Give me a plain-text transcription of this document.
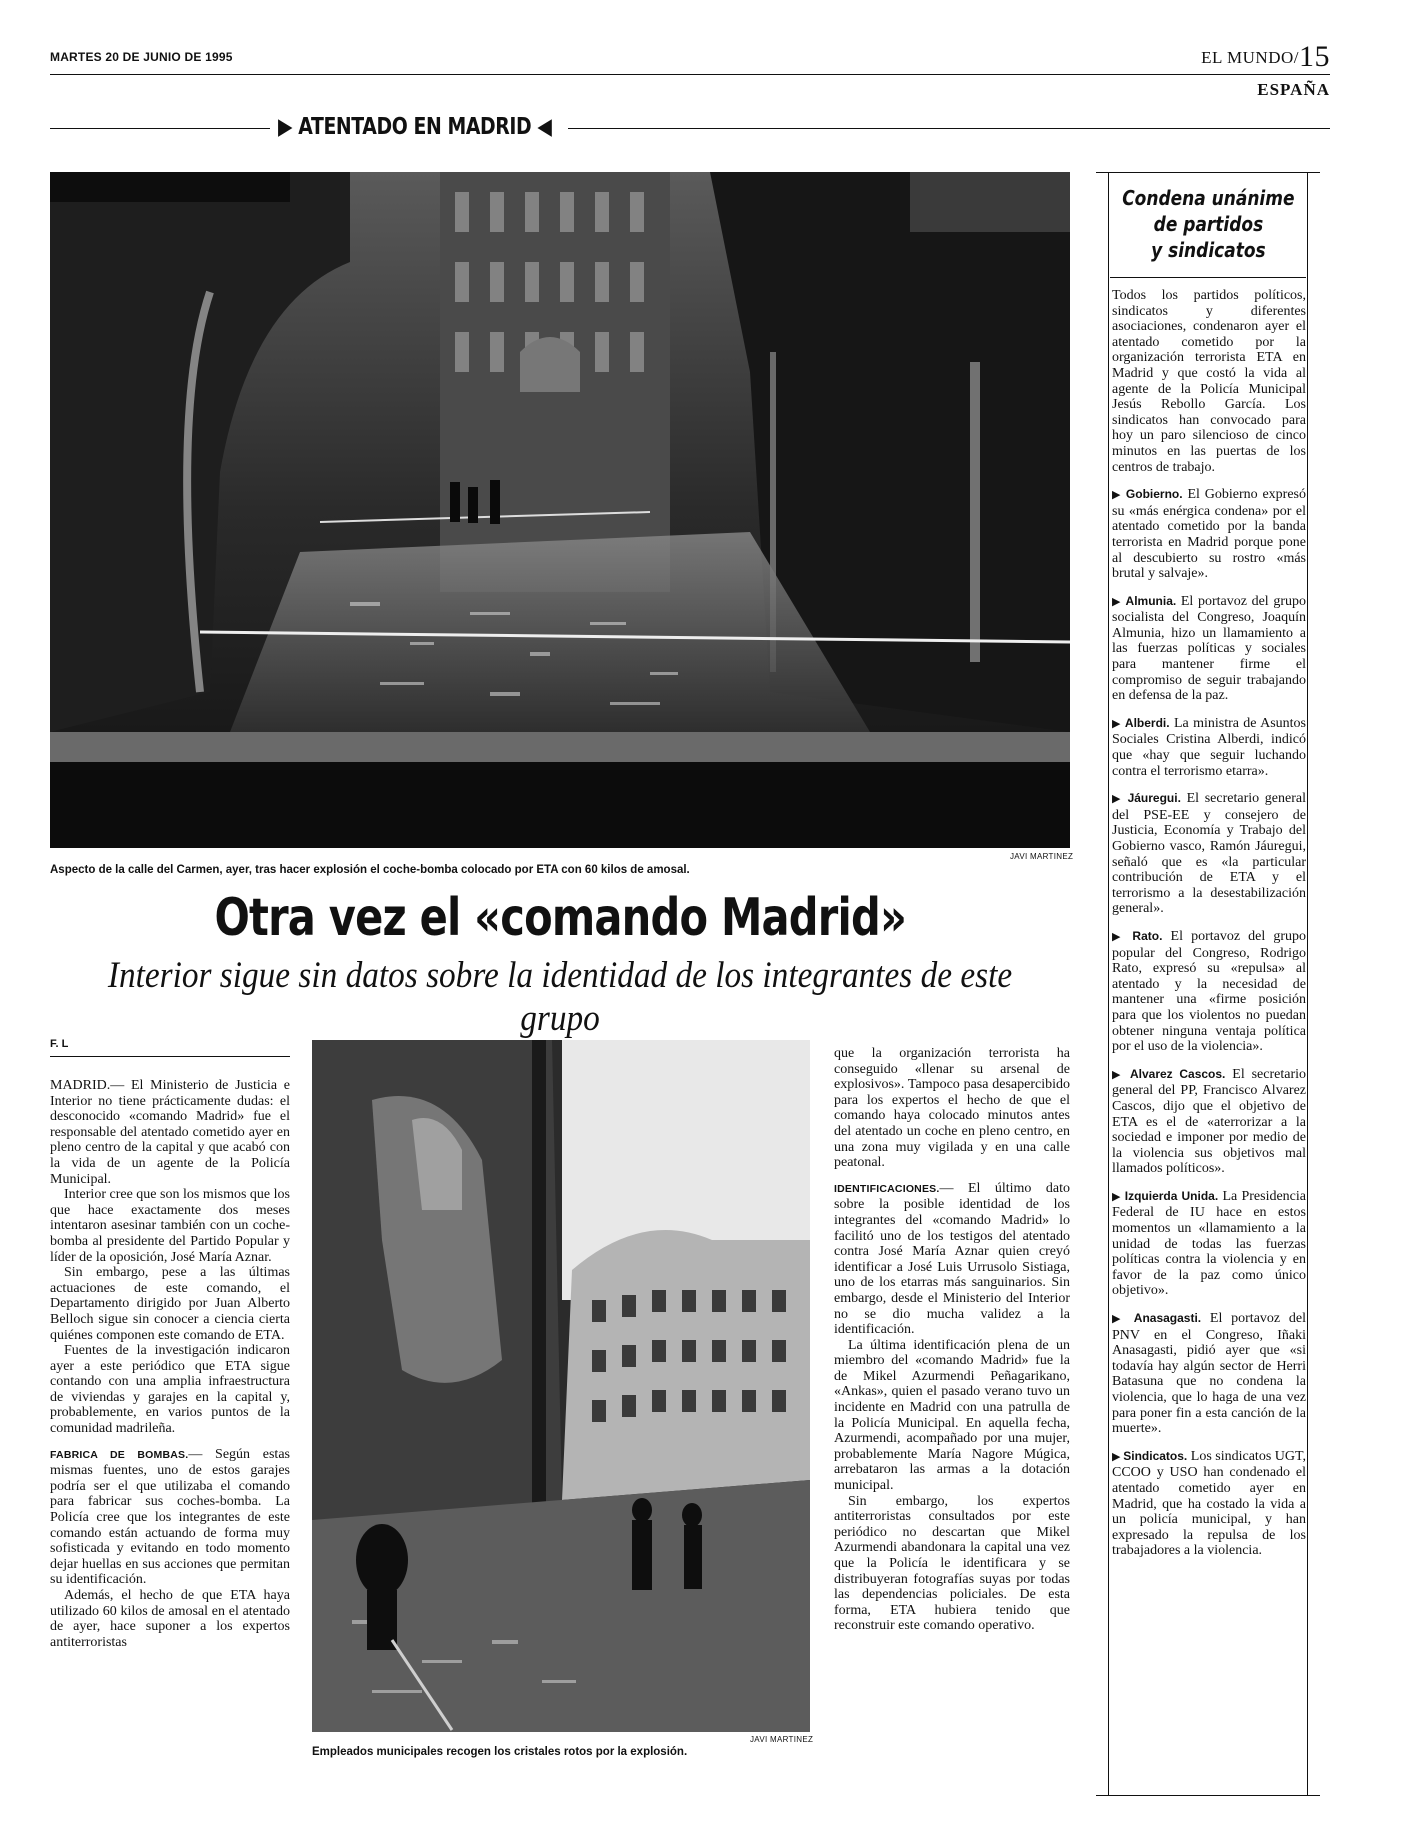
MARTES 20 DE JUNIO DE 1995	EL MUNDO/15
ESPAÑA
▶ ATENTADO EN MADRID ◀
JAVI MARTINEZ
Aspecto de la calle del Carmen, ayer, tras hacer explosión el coche-bomba colocado por ETA con 60 kilos de amosal.
Otra vez el «comando Madrid»
Interior sigue sin datos sobre la identidad de los integrantes de este grupo
F. L

MADRID.— El Ministerio de Justicia e Interior no tiene prácticamente dudas: el desconocido «comando Madrid» fue el responsable del atentado cometido ayer en pleno centro de la capital y que acabó con la vida de un agente de la Policía Municipal.

Interior cree que son los mismos que los que hace exactamente dos meses intentaron asesinar también con un coche-bomba al presidente del Partido Popular y líder de la oposición, José María Aznar.

Sin embargo, pese a las últimas actuaciones de este comando, el Departamento dirigido por Juan Alberto Belloch sigue sin conocer a ciencia cierta quiénes componen este comando de ETA.

Fuentes de la investigación indicaron ayer a este periódico que ETA sigue contando con una amplia infraestructura de viviendas y garajes en la capital y, probablemente, en varios puntos de la comunidad madrileña.

FABRICA DE BOMBAS.— Según estas mismas fuentes, uno de estos garajes podría ser el que utilizaba el comando para fabricar sus coches-bomba. La Policía cree que los integrantes de este comando están actuando de forma muy sofisticada y evitando en todo momento dejar huellas en sus acciones que permitan su identificación.

Además, el hecho de que ETA haya utilizado 60 kilos de amosal en el atentado de ayer, hace suponer a los expertos antiterroristas

JAVI MARTINEZ
Empleados municipales recogen los cristales rotos por la explosión.

que la organización terrorista ha conseguido «llenar su arsenal de explosivos». Tampoco pasa desapercibido para los expertos el hecho de que el comando haya colocado minutos antes del atentado un coche en pleno centro, en una zona muy vigilada y en una calle peatonal.

IDENTIFICACIONES.— El último dato sobre la posible identidad de los integrantes del «comando Madrid» lo facilitó uno de los testigos del atentado contra José María Aznar quien creyó identificar a José Luis Urrusolo Sistiaga, uno de los etarras más sanguinarios. Sin embargo, desde el Ministerio del Interior no se dio mucha validez a la identificación.

La última identificación plena de un miembro del «comando Madrid» fue la de Mikel Azurmendi Peñagarikano, «Ankas», quien el pasado verano tuvo un incidente en Madrid con una patrulla de la Policía Municipal. En aquella fecha, Azurmendi, acompañado por una mujer, probablemente María Nagore Múgica, arrebataron las armas a la dotación municipal.

Sin embargo, los expertos antiterroristas consultados por este periódico no descartan que Mikel Azurmendi abandonara la capital una vez que la Policía le identificara y se distribuyeran fotografías suyas por todas las dependencias policiales. De esta forma, ETA hubiera tenido que reconstruir este comando operativo.

Condena unánime
de partidos
y sindicatos

Todos los partidos políticos, sindicatos y diferentes asociaciones, condenaron ayer el atentado cometido por la organización terrorista ETA en Madrid y que costó la vida al agente de la Policía Municipal Jesús Rebollo García. Los sindicatos han convocado para hoy un paro silencioso de cinco minutos en las puertas de los centros de trabajo.

▶ Gobierno. El Gobierno expresó su «más enérgica condena» por el atentado cometido por la banda terrorista en Madrid porque pone al descubierto su rostro «más brutal y salvaje».

▶ Almunia. El portavoz del grupo socialista del Congreso, Joaquín Almunia, hizo un llamamiento a las fuerzas políticas y sociales para mantener firme el compromiso de seguir trabajando en defensa de la paz.

▶ Alberdi. La ministra de Asuntos Sociales Cristina Alberdi, indicó que «hay que seguir luchando contra el terrorismo etarra».

▶ Jáuregui. El secretario general del PSE-EE y consejero de Justicia, Economía y Trabajo del Gobierno vasco, Ramón Jáuregui, señaló que es «la particular contribución de ETA y el terrorismo a la desestabilización general».

▶ Rato. El portavoz del grupo popular del Congreso, Rodrigo Rato, expresó su «repulsa» al atentado y la necesidad de mantener una «firme posición para que los violentos no puedan obtener ninguna ventaja política por el uso de la violencia».

▶ Alvarez Cascos. El secretario general del PP, Francisco Alvarez Cascos, dijo que el objetivo de ETA es el de «aterrorizar a la sociedad e imponer por medio de la violencia sus objetivos mal llamados políticos».

▶ Izquierda Unida. La Presidencia Federal de IU hace en estos momentos un «llamamiento a la unidad de todas las fuerzas políticas contra la violencia y en favor de la paz como único objetivo».

▶ Anasagasti. El portavoz del PNV en el Congreso, Iñaki Anasagasti, pidió ayer que «si todavía hay algún sector de Herri Batasuna que no condena la violencia, que lo haga de una vez para poner fin a esta canción de la muerte».

▶ Sindicatos. Los sindicatos UGT, CCOO y USO han condenado el atentado cometido ayer en Madrid, que ha costado la vida a un policía municipal, y han expresado la repulsa de los trabajadores a la violencia.
